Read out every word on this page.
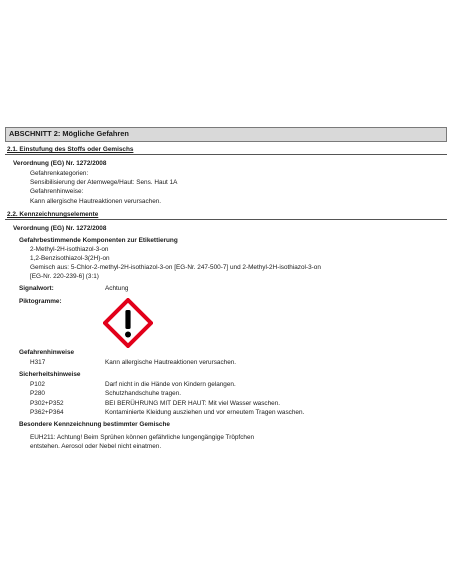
ABSCHNITT 2: Mögliche Gefahren
2.1. Einstufung des Stoffs oder Gemischs
Verordnung (EG) Nr. 1272/2008
Gefahrenkategorien:
Sensibilisierung der Atemwege/Haut: Sens. Haut 1A
Gefahrenhinweise:
Kann allergische Hautreaktionen verursachen.
2.2. Kennzeichnungselemente
Verordnung (EG) Nr. 1272/2008
Gefahrbestimmende Komponenten zur Etikettierung
2-Methyl-2H-isothiazol-3-on
1,2-Benzisothiazol-3(2H)-on
Gemisch aus: 5-Chlor-2-methyl-2H-isothiazol-3-on [EG-Nr. 247-500-7] und 2-Methyl-2H-isothiazol-3-on
[EG-Nr. 220-239-6] (3:1)
Signalwort:	Achtung
Piktogramme:
Gefahrenhinweise
H317	Kann allergische Hautreaktionen verursachen.
Sicherheitshinweise
P102	Darf nicht in die Hände von Kindern gelangen.
P280	Schutzhandschuhe tragen.
P302+P352	BEI BERÜHRUNG MIT DER HAUT: Mit viel Wasser waschen.
P362+P364	Kontaminierte Kleidung ausziehen und vor erneutem Tragen waschen.
Besondere Kennzeichnung bestimmter Gemische
EUH211: Achtung! Beim Sprühen können gefährliche lungengängige Tröpfchen
entstehen. Aerosol oder Nebel nicht einatmen.
